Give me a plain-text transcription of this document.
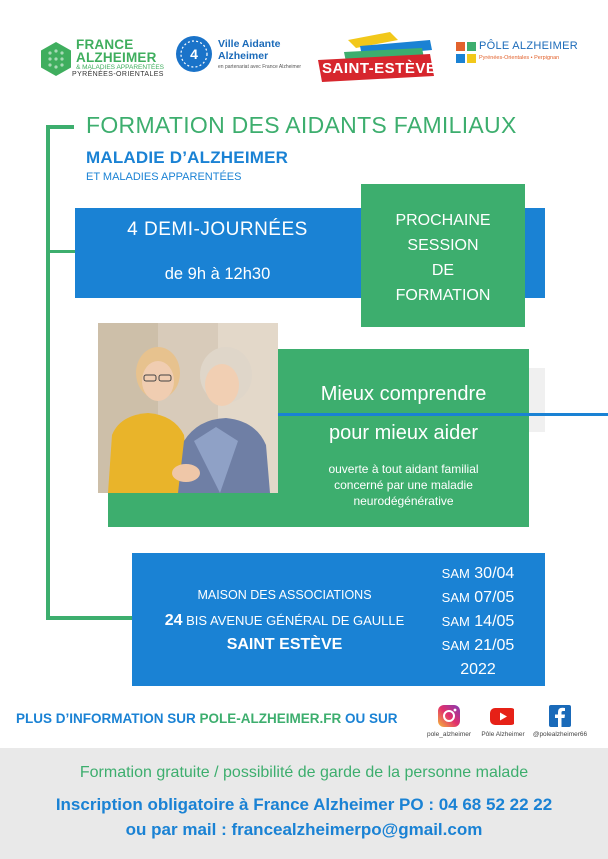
FRANCE
ALZHEIMER
& MALADIES APPARENTÉES
PYRÉNÉES-ORIENTALES
4
Ville Aidante
Alzheimer
en partenariat avec France Alzheimer SAINT-ESTÈVE
PÔLE ALZHEIMER
Pyrénées-Orientales • Perpignan
FORMATION DES AIDANTS FAMILIAUX
MALADIE D’ALZHEIMER
ET MALADIES APPARENTÉES
4 DEMI-JOURNÉES
de 9h à 12h30
PROCHAINE
SESSION
DE
FORMATION
Mieux comprendre
pour mieux aider
ouverte à tout aidant familial
concerné par une maladie
neurodégénérative
MAISON DES ASSOCIATIONS
24 BIS AVENUE GÉNÉRAL DE GAULLE
SAINT ESTÈVE
SAM 30/04
SAM 07/05
SAM 14/05
SAM 21/05
2022
PLUS D’INFORMATION SUR POLE-ALZHEIMER.FR OU SUR
pole_alzheimer	Pôle Alzheimer	@polealzheimer66
Formation gratuite / possibilité de garde de la personne malade
Inscription obligatoire à France Alzheimer PO : 04 68 52 22 22
ou par mail : francealzheimerpo@gmail.com
